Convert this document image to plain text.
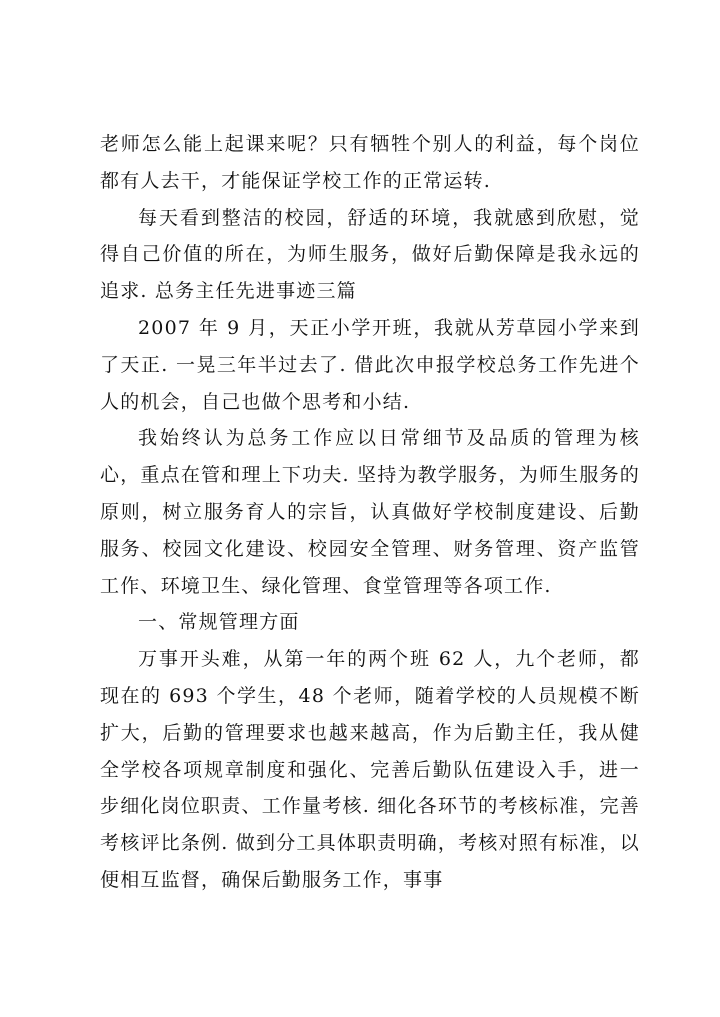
老师怎么能上起课来呢？只有牺牲个别人的利益，每个岗位都有人去干，才能保证学校工作的正常运转.

每天看到整洁的校园，舒适的环境，我就感到欣慰，觉得自己价值的所在，为师生服务，做好后勤保障是我永远的追求. 总务主任先进事迹三篇

2007 年 9 月，天正小学开班，我就从芳草园小学来到了天正. 一晃三年半过去了. 借此次申报学校总务工作先进个人的机会，自己也做个思考和小结.

我始终认为总务工作应以日常细节及品质的管理为核心，重点在管和理上下功夫. 坚持为教学服务，为师生服务的原则，树立服务育人的宗旨，认真做好学校制度建设、后勤服务、校园文化建设、校园安全管理、财务管理、资产监管工作、环境卫生、绿化管理、食堂管理等各项工作.

一、常规管理方面

万事开头难，从第一年的两个班 62 人，九个老师，都现在的 693 个学生，48 个老师，随着学校的人员规模不断扩大，后勤的管理要求也越来越高，作为后勤主任，我从健全学校各项规章制度和强化、完善后勤队伍建设入手，进一步细化岗位职责、工作量考核. 细化各环节的考核标准，完善考核评比条例. 做到分工具体职责明确，考核对照有标准，以便相互监督，确保后勤服务工作，事事
